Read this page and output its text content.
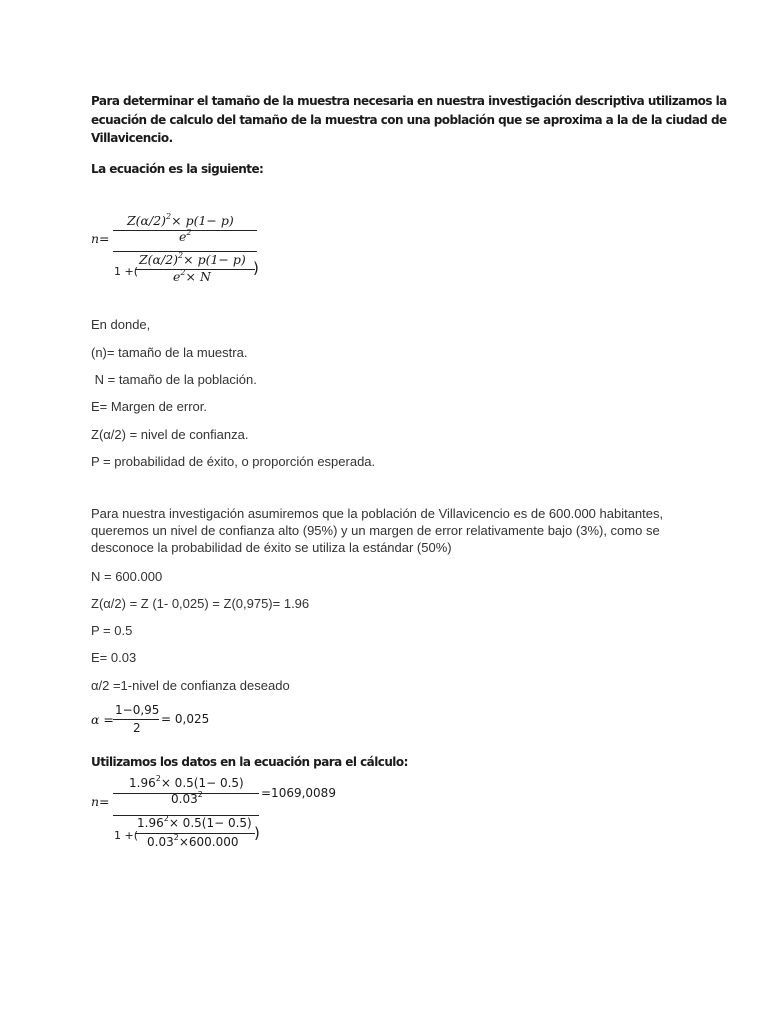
Para determinar el tamaño de la muestra necesaria en nuestra investigación descriptiva utilizamos la

ecuación de calculo del tamaño de la muestra con una población que se aproxima a la de la ciudad de

Villavicencio.

La ecuación es la siguiente:

n=
$Z(\alpha/2)^2\times p(1- p)$
$e^2$
1 +(
$Z(\alpha/2)^2\times p(1- p)$
$e^2\times N$	)

En donde,

(n)= tamaño de la muestra.

N = tamaño de la población.

E= Margen de error.

Z(α/2) = nivel de confianza.

P = probabilidad de éxito, o proporción esperada.

Para nuestra investigación asumiremos que la población de Villavicencio es de 600.000 habitantes,

queremos un nivel de confianza alto (95%) y un margen de error relativamente bajo (3%), como se

desconoce la probabilidad de éxito se utiliza la estándar (50%)

N = 600.000

Z(α/2) = Z (1- 0,025) = Z(0,975)= 1.96

P = 0.5

E= 0.03

α/2 =1-nivel de confianza deseado

α =
1−0,95
2
= 0,025

Utilizamos los datos en la ecuación para el cálculo:

n=
$1.96^2\times 0.5(1- 0.5)$
0.03$^2$
1 +(
$1.96^2\times 0.5(1- 0.5)$
$0.03^2\times 600.000$ )
=1069,0089
